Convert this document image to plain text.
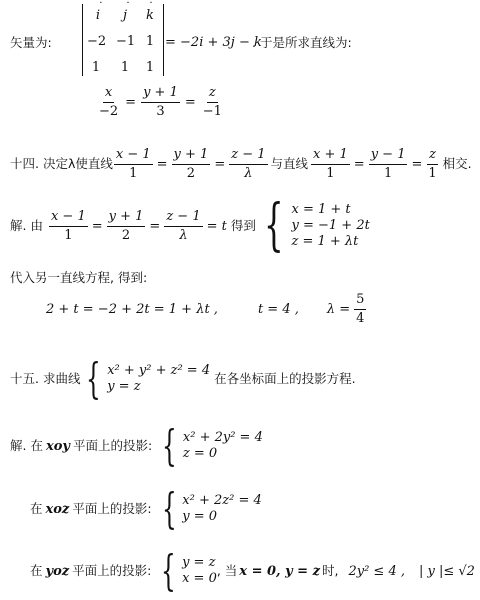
矢量为:
˙ i	˙ j	˙ k
−2 −1 1
1	1	1
= −2i + 3j − k
. 于是所求直线为:
$\frac{x}{-2} = \frac{y + 1}{3} = \frac{z}{-1}$
十四. 决定λ使直线 $\frac{x - 1}{1} = \frac{y + 1}{2} = \frac{z - 1}{\lambda}$ 与直线 $\frac{x + 1}{1} = \frac{y - 1}{1} = \frac{z}{1}$ 相交.
解. 由 $\frac{x - 1}{1} = \frac{y + 1}{2} = \frac{z - 1}{\lambda} = t$ 得到 { x = 1 + t
y = −1 + 2t
z = 1 + λt
代入另一直线方程, 得到:
2 + t = −2 + 2t = 1 + λt ,	t = 4 , $\lambda = \frac{5}{4}$
十五. 求曲线 { x² + y² + z² = 4
y = z
在各坐标面上的投影方程.
解. 在 xoy 平面上的投影: { x² + 2y² = 4
z = 0
在 xoz 平面上的投影: { x² + 2z² = 4
y = 0
在 yoz 平面上的投影: { y = z
x = 0
, 当 x = 0, y = z 时, 2y² ≤ 4 , | y |≤ √2
